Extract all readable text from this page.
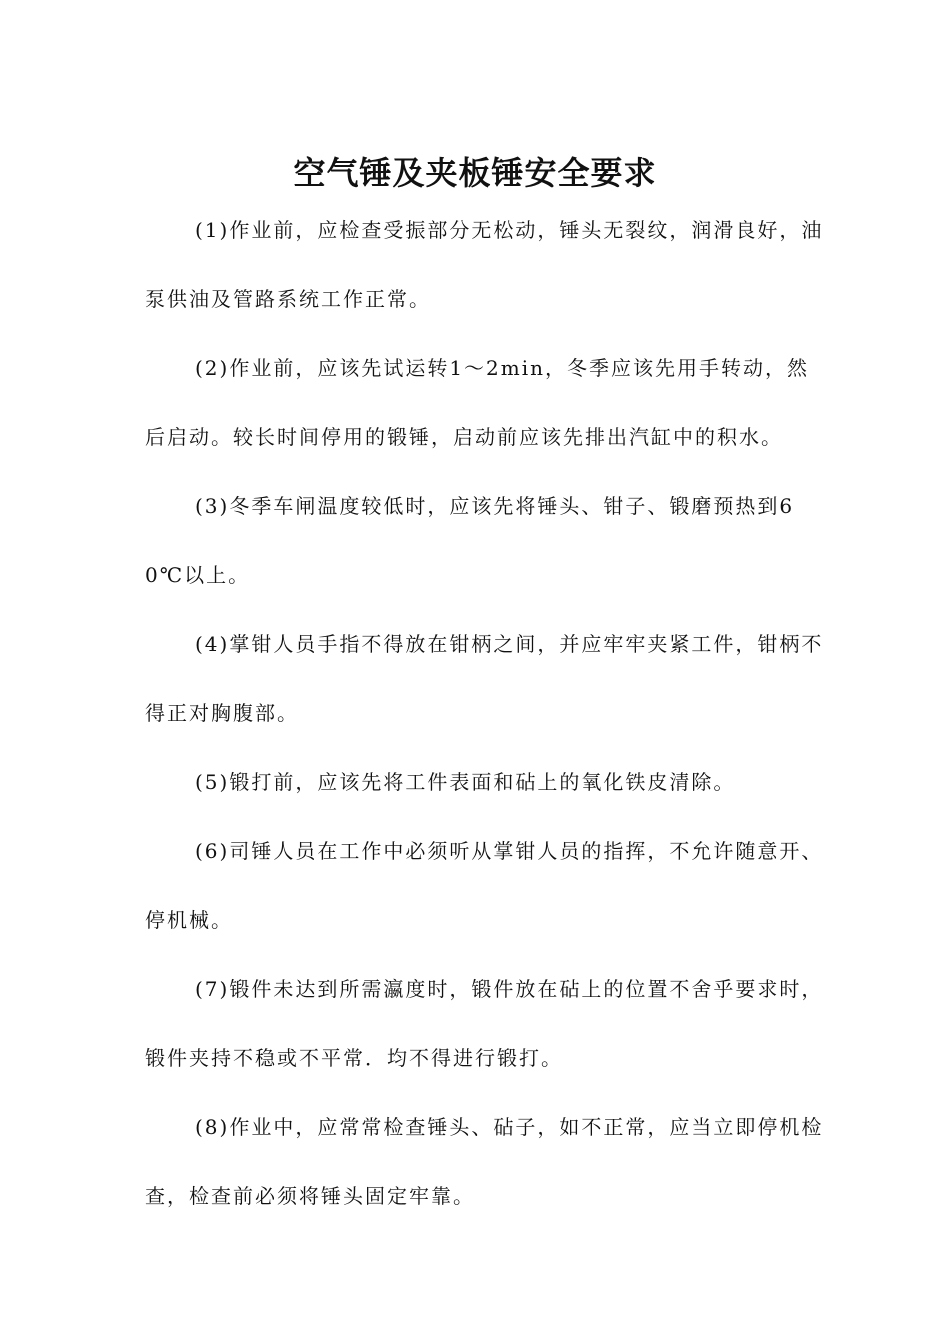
空气锤及夹板锤安全要求

(1)作业前，应检查受振部分无松动，锤头无裂纹，润滑良好，油泵供油及管路系统工作正常。

(2)作业前，应该先试运转1～2min，冬季应该先用手转动，然后启动。较长时间停用的锻锤，启动前应该先排出汽缸中的积水。

(3)冬季车闸温度较低时，应该先将锤头、钳子、锻磨预热到60℃以上。

(4)掌钳人员手指不得放在钳柄之间，并应牢牢夹紧工件，钳柄不得正对胸腹部。

(5)锻打前，应该先将工件表面和砧上的氧化铁皮清除。

(6)司锤人员在工作中必须听从掌钳人员的指挥，不允许随意开、停机械。

(7)锻件未达到所需瀛度时，锻件放在砧上的位置不舍乎要求时，锻件夹持不稳或不平常．均不得进行锻打。

(8)作业中，应常常检查锤头、砧子，如不正常，应当立即停机检查，检查前必须将锤头固定牢靠。
